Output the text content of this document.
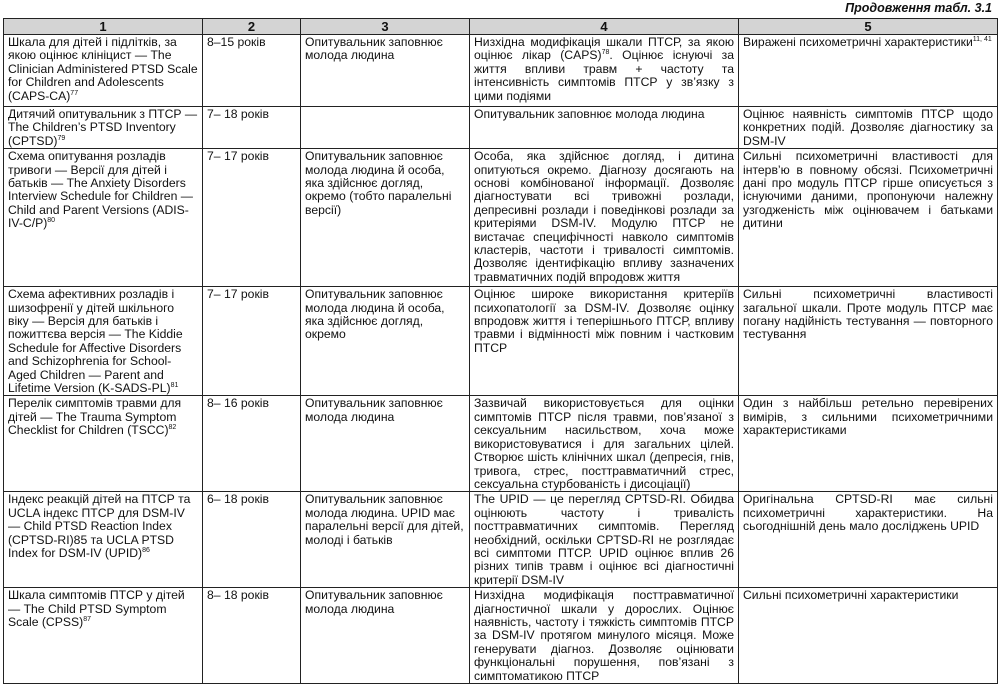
Продовження табл. 3.1
1	2	3	4	5
Шкала для дітей і підлітків, за якою оцінює клініцист — The Clinician Administered PTSD Scale for Children and Adolescents (CAPS-CA)$^{77}$	8–15 років	Опитувальник заповнює молода людина	Низхідна модифікація шкали ПТСР, за якою оцінює лікар (CAPS)$^{78}$. Оцінює існуючі за життя впливи травм + частоту та інтенсивність симптомів ПТСР у зв’язку з цими подіями	Виражені психометричні характеристики$^{11, 41}$
Дитячий опитувальник з ПТСР — The Children’s PTSD Inventory (CPTSD)$^{79}$	7– 18 років		Опитувальник заповнює молода людина	Оцінює наявність симптомів ПТСР щодо конкретних подій. Дозволяє діагностику за DSM-IV
Схема опитування розладів тривоги — Версії для дітей і батьків — The Anxiety Disorders Interview Schedule for Children — Child and Parent Versions (ADIS-IV-C/P)$^{80}$	7– 17 років	Опитувальник заповнює молода людина й особа, яка здійснює догляд, окремо (тобто паралельні версії)	Особа, яка здійснює догляд, і дитина опитуються окремо. Діагнозу досягають на основі комбінованої інформації. Дозволяє діагностувати всі тривожні розлади, депресивні розлади і поведінкові розлади за критеріями DSM-IV. Модулю ПТСР не вистачає специфічності навколо симптомів кластерів, частоти і тривалості симптомів. Дозволяє ідентифікацію впливу зазначених травматичних подій впродовж життя	Сильні психометричні властивості для інтерв’ю в повному обсязі. Психометричні дані про модуль ПТСР гірше описується з існуючими даними, пропонуючи належну узгодженість між оцінювачем і батьками дитини
Схема афективних розладів і шизофренії у дітей шкільного віку — Версія для батьків і пожиттєва версія — The Kiddie Schedule for Affective Disorders and Schizophrenia for School-Aged Children — Parent and Lifetime Version (K-SADS-PL)$^{81}$	7– 17 років	Опитувальник заповнює молода людина й особа, яка здійснює догляд, окремо	Оцінює широке використання критеріїв психопатології за DSM-IV. Дозволяє оцінку впродовж життя і теперішнього ПТСР, впливу травми і відмінності між повним і частковим ПТСР	Сильні психометричні властивості загальної шкали. Проте модуль ПТСР має погану надійність тестування — повторного тестування
Перелік симптомів травми для дітей — The Trauma Symptom Checklist for Children (TSCC)$^{82}$	8– 16 років	Опитувальник заповнює молода людина	Зазвичай використовується для оцінки симптомів ПТСР після травми, пов’язаної з сексуальним насильством, хоча може використовуватися і для загальних цілей. Створює шість клінічних шкал (депресія, гнів, тривога, стрес, посттравматичний стрес, сексуальна стурбованість і дисоціації)	Один з найбільш ретельно перевірених вимірів, з сильними психометричними характеристиками
Індекс реакцій дітей на ПТСР та UCLA індекс ПТСР для DSM-IV — Child PTSD Reaction Index (CPTSD-RI)85 та UCLA PTSD Index for DSM-IV (UPID)$^{86}$	6– 18 років	Опитувальник заповнює молода людина. UPID має паралельні версії для дітей, молоді і батьків	The UPID — це перегляд CPTSD-RI. Обидва оцінюють частоту і тривалість посттравматичних симптомів. Перегляд необхідний, оскільки CPTSD-RI не розглядає всі симптоми ПТСР. UPID оцінює вплив 26 різних типів травм і оцінює всі діагностичні критерії DSM-IV	Оригінальна CPTSD-RI має сильні психометричні характеристики. На сьогоднішній день мало досліджень UPID
Шкала симптомів ПТСР у дітей — The Child PTSD Symptom Scale (CPSS)$^{87}$	8– 18 років	Опитувальник заповнює молода людина	Низхідна модифікація посттравматичної діагностичної шкали у дорослих. Оцінює наявність, частоту і тяжкість симптомів ПТСР за DSM-IV протягом минулого місяця. Може генерувати діагноз. Дозволяє оцінювати функціональні порушення, пов’язані з симптоматикою ПТСР	Сильні психометричні характеристики
